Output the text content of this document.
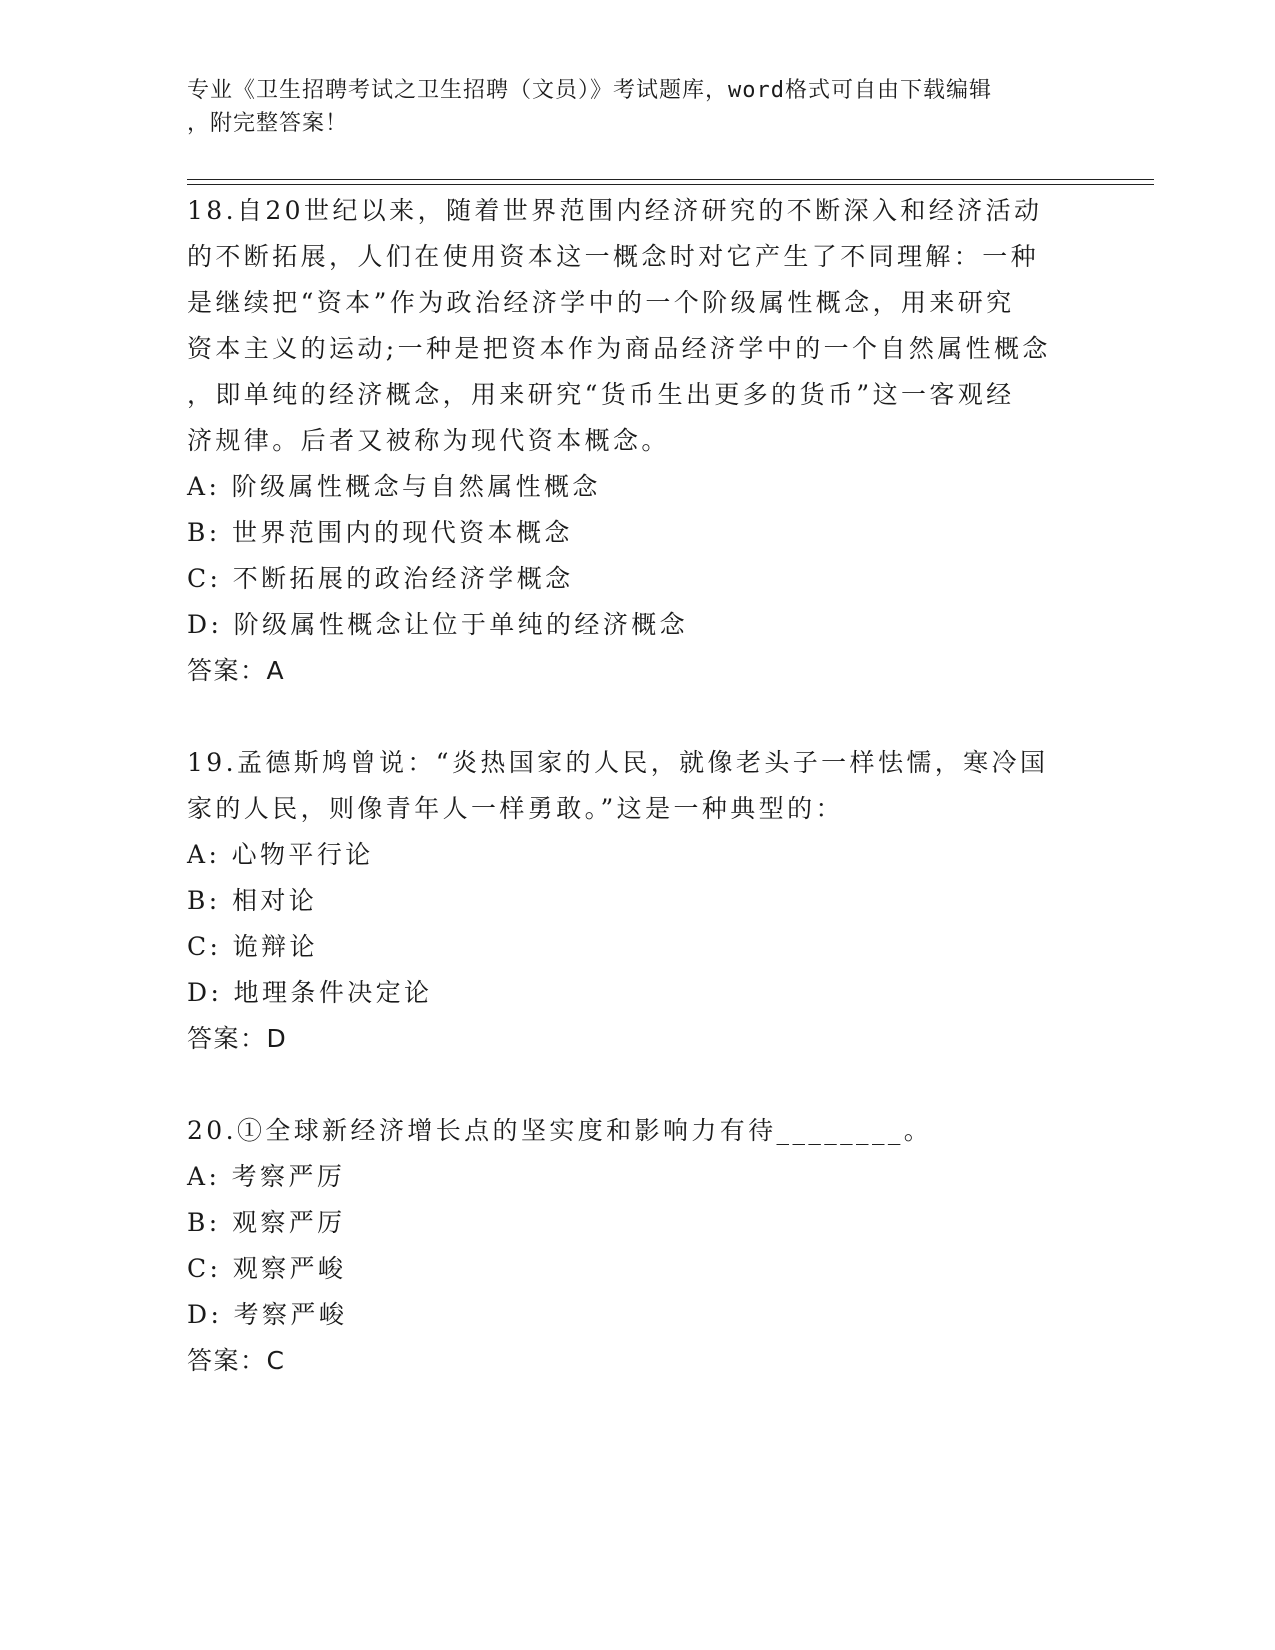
专业《卫生招聘考试之卫生招聘（文员）》考试题库，word格式可自由下载编辑
，附完整答案！

18.自20世纪以来，随着世界范围内经济研究的不断深入和经济活动
的不断拓展，人们在使用资本这一概念时对它产生了不同理解：一种
是继续把“资本”作为政治经济学中的一个阶级属性概念，用来研究
资本主义的运动;一种是把资本作为商品经济学中的一个自然属性概念
，即单纯的经济概念，用来研究“货币生出更多的货币”这一客观经
济规律。后者又被称为现代资本概念。

A: 阶级属性概念与自然属性概念

B: 世界范围内的现代资本概念

C: 不断拓展的政治经济学概念

D: 阶级属性概念让位于单纯的经济概念

答案：A

19.孟德斯鸠曾说：“炎热国家的人民，就像老头子一样怯懦，寒冷国
家的人民，则像青年人一样勇敢。”这是一种典型的：

A: 心物平行论

B: 相对论

C: 诡辩论

D: 地理条件决定论

答案：D

20.①全球新经济增长点的坚实度和影响力有待________。

A: 考察严厉

B: 观察严厉

C: 观察严峻

D: 考察严峻

答案：C
